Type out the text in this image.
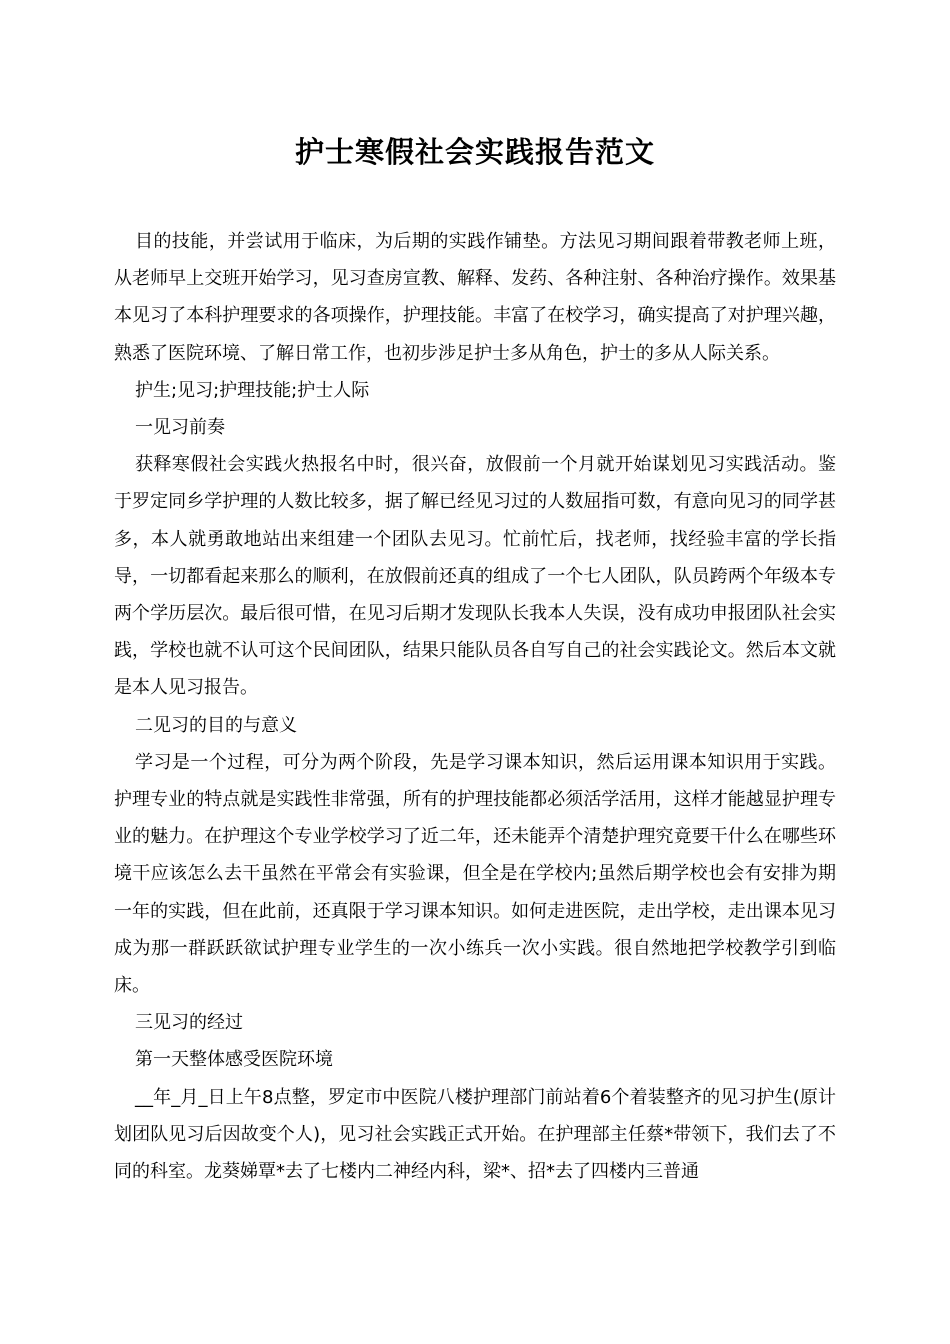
护士寒假社会实践报告范文

目的技能，并尝试用于临床，为后期的实践作铺垫。方法见习期间跟着带教老师上班，从老师早上交班开始学习，见习查房宣教、解释、发药、各种注射、各种治疗操作。效果基本见习了本科护理要求的各项操作，护理技能。丰富了在校学习，确实提高了对护理兴趣，熟悉了医院环境、了解日常工作，也初步涉足护士多从角色，护士的多从人际关系。

护生;见习;护理技能;护士人际

一见习前奏

获释寒假社会实践火热报名中时，很兴奋，放假前一个月就开始谋划见习实践活动。鉴于罗定同乡学护理的人数比较多，据了解已经见习过的人数屈指可数，有意向见习的同学甚多，本人就勇敢地站出来组建一个团队去见习。忙前忙后，找老师，找经验丰富的学长指导，一切都看起来那么的顺利，在放假前还真的组成了一个七人团队，队员跨两个年级本专两个学历层次。最后很可惜，在见习后期才发现队长我本人失误，没有成功申报团队社会实践，学校也就不认可这个民间团队，结果只能队员各自写自己的社会实践论文。然后本文就是本人见习报告。

二见习的目的与意义

学习是一个过程，可分为两个阶段，先是学习课本知识，然后运用课本知识用于实践。护理专业的特点就是实践性非常强，所有的护理技能都必须活学活用，这样才能越显护理专业的魅力。在护理这个专业学校学习了近二年，还未能弄个清楚护理究竟要干什么在哪些环境干应该怎么去干虽然在平常会有实验课，但全是在学校内;虽然后期学校也会有安排为期一年的实践，但在此前，还真限于学习课本知识。如何走进医院，走出学校，走出课本见习成为那一群跃跃欲试护理专业学生的一次小练兵一次小实践。很自然地把学校教学引到临床。

三见习的经过

第一天整体感受医院环境

__年_月_日上午8点整，罗定市中医院八楼护理部门前站着6个着装整齐的见习护生(原计划团队见习后因故变个人)，见习社会实践正式开始。在护理部主任蔡*带领下，我们去了不同的科室。龙葵娣覃*去了七楼内二神经内科，梁*、招*去了四楼内三普通
